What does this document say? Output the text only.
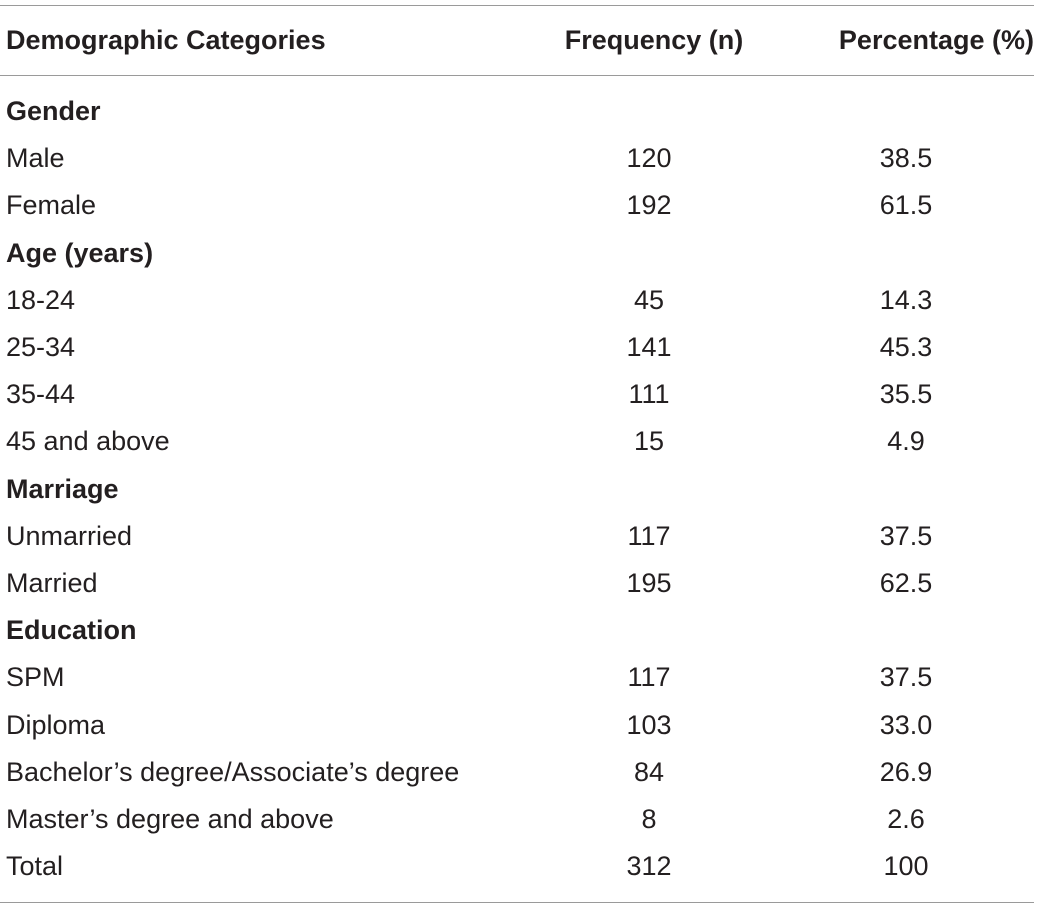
Demographic Categories	Frequency (n)	Percentage (%)
Gender
Male	120	38.5
Female	192	61.5
Age (years)
18-24	45	14.3
25-34	141	45.3
35-44	111	35.5
45 and above	15	4.9
Marriage
Unmarried	117	37.5
Married	195	62.5
Education
SPM	117	37.5
Diploma	103	33.0
Bachelor’s degree/Associate’s degree	84	26.9
Master’s degree and above	8	2.6
Total	312	100
